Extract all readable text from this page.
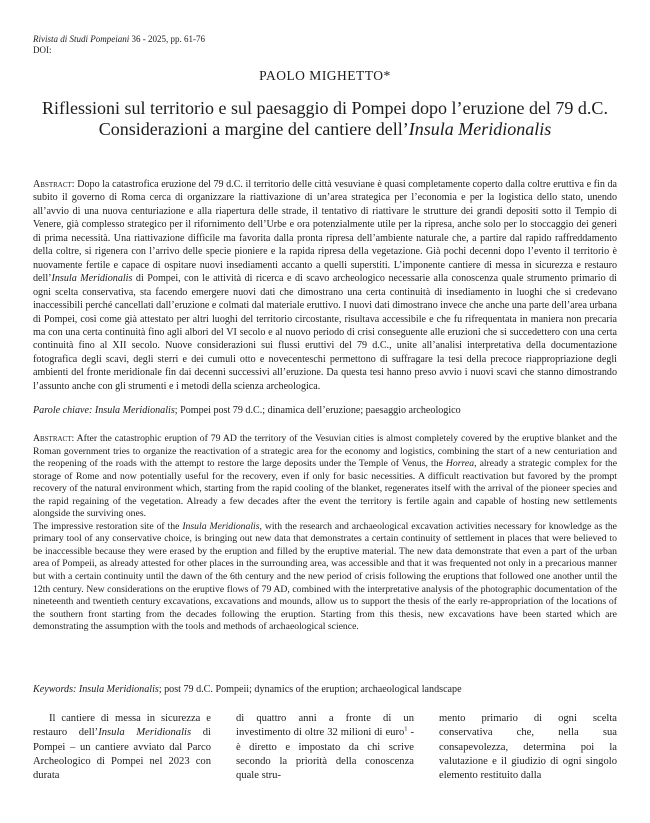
Rivista di Studi Pompeiani 36 - 2025, pp. 61-76
DOI:
PAOLO MIGHETTO*
Riflessioni sul territorio e sul paesaggio di Pompei dopo l’eruzione del 79 d.C.
Considerazioni a margine del cantiere dell’Insula Meridionalis
Abstract: Dopo la catastrofica eruzione del 79 d.C. il territorio delle città vesuviane è quasi completamente coperto dalla coltre eruttiva e fin da subito il governo di Roma cerca di organizzare la riattivazione di un’area strategica per l’economia e per la logistica dello stato, unendo all’avvio di una nuova centuriazione e alla riapertura delle strade, il tentativo di riattivare le strutture dei grandi depositi sotto il Tempio di Venere, già complesso strategico per il rifornimento dell’Urbe e ora potenzialmente utile per la ripresa, anche solo per lo stoccaggio dei generi di prima necessità. Una riattivazione difficile ma favorita dalla pronta ripresa dell’ambiente naturale che, a partire dal rapido raffreddamento della coltre, si rigenera con l’arrivo delle specie pioniere e la rapida ripresa della vegetazione. Già pochi decenni dopo l’evento il territorio è nuovamente fertile e capace di ospitare nuovi insediamenti accanto a quelli superstiti. L’imponente cantiere di messa in sicurezza e restauro dell’Insula Meridionalis di Pompei, con le attività di ricerca e di scavo archeologico necessarie alla conoscenza quale strumento primario di ogni scelta conservativa, sta facendo emergere nuovi dati che dimostrano una certa continuità di insediamento in luoghi che si credevano inaccessibili perché cancellati dall’eruzione e colmati dal materiale eruttivo. I nuovi dati dimostrano invece che anche una parte dell’area urbana di Pompei, così come già attestato per altri luoghi del territorio circostante, risultava accessibile e che fu rifrequentata in maniera non precaria ma con una certa continuità fino agli albori del VI secolo e al nuovo periodo di crisi conseguente alle eruzioni che si succedettero con una certa continuità fino al XII secolo. Nuove considerazioni sui flussi eruttivi del 79 d.C., unite all’analisi interpretativa della documentazione fotografica degli scavi, degli sterri e dei cumuli otto e novecenteschi permettono di suffragare la tesi della precoce riappropriazione degli ambienti del fronte meridionale fin dai decenni successivi all’eruzione. Da questa tesi hanno preso avvio i nuovi scavi che stanno dimostrando l’assunto anche con gli strumenti e i metodi della scienza archeologica.
Parole chiave: Insula Meridionalis; Pompei post 79 d.C.; dinamica dell’eruzione; paesaggio archeologico
Abstract: After the catastrophic eruption of 79 AD the territory of the Vesuvian cities is almost completely covered by the eruptive blanket and the Roman government tries to organize the reactivation of a strategic area for the economy and logistics, combining the start of a new centuriation and the reopening of the roads with the attempt to restore the large deposits under the Temple of Venus, the Horrea, already a strategic complex for the storage of Rome and now potentially useful for the recovery, even if only for basic necessities. A difficult reactivation but favored by the prompt recovery of the natural environment which, starting from the rapid cooling of the blanket, regenerates itself with the arrival of the pioneer species and the rapid regaining of the vegetation. Already a few decades after the event the territory is fertile again and capable of hosting new settlements alongside the surviving ones.
The impressive restoration site of the Insula Meridionalis, with the research and archaeological excavation activities necessary for knowledge as the primary tool of any conservative choice, is bringing out new data that demonstrates a certain continuity of settlement in places that were believed to be inaccessible because they were erased by the eruption and filled by the eruptive material. The new data demonstrate that even a part of the urban area of Pompeii, as already attested for other places in the surrounding area, was accessible and that it was frequented not only in a precarious manner but with a certain continuity until the dawn of the 6th century and the new period of crisis following the eruptions that followed one another until the 12th century. New considerations on the eruptive flows of 79 AD, combined with the interpretative analysis of the photographic documentation of the nineteenth and twentieth century excavations, excavations and mounds, allow us to support the thesis of the early re-appropriation of the locations of the southern front starting from the decades following the eruption. Starting from this thesis, new excavations have been started which are demonstrating the assumption with the tools and methods of archaeological science.
Keywords: Insula Meridionalis; post 79 d.C. Pompeii; dynamics of the eruption; archaeological landscape
Il cantiere di messa in sicurezza e restauro dell’Insula Meridionalis di Pompei – un cantiere avviato dal Parco Archeologico di Pompei nel 2023 con durata
di quattro anni a fronte di un investimento di oltre 32 milioni di euro$^1$ - è diretto e impostato da chi scrive secondo la priorità della conoscenza quale stru-
mento primario di ogni scelta conservativa che, nella sua consapevolezza, determina poi la valutazione e il giudizio di ogni singolo elemento restituito dalla
